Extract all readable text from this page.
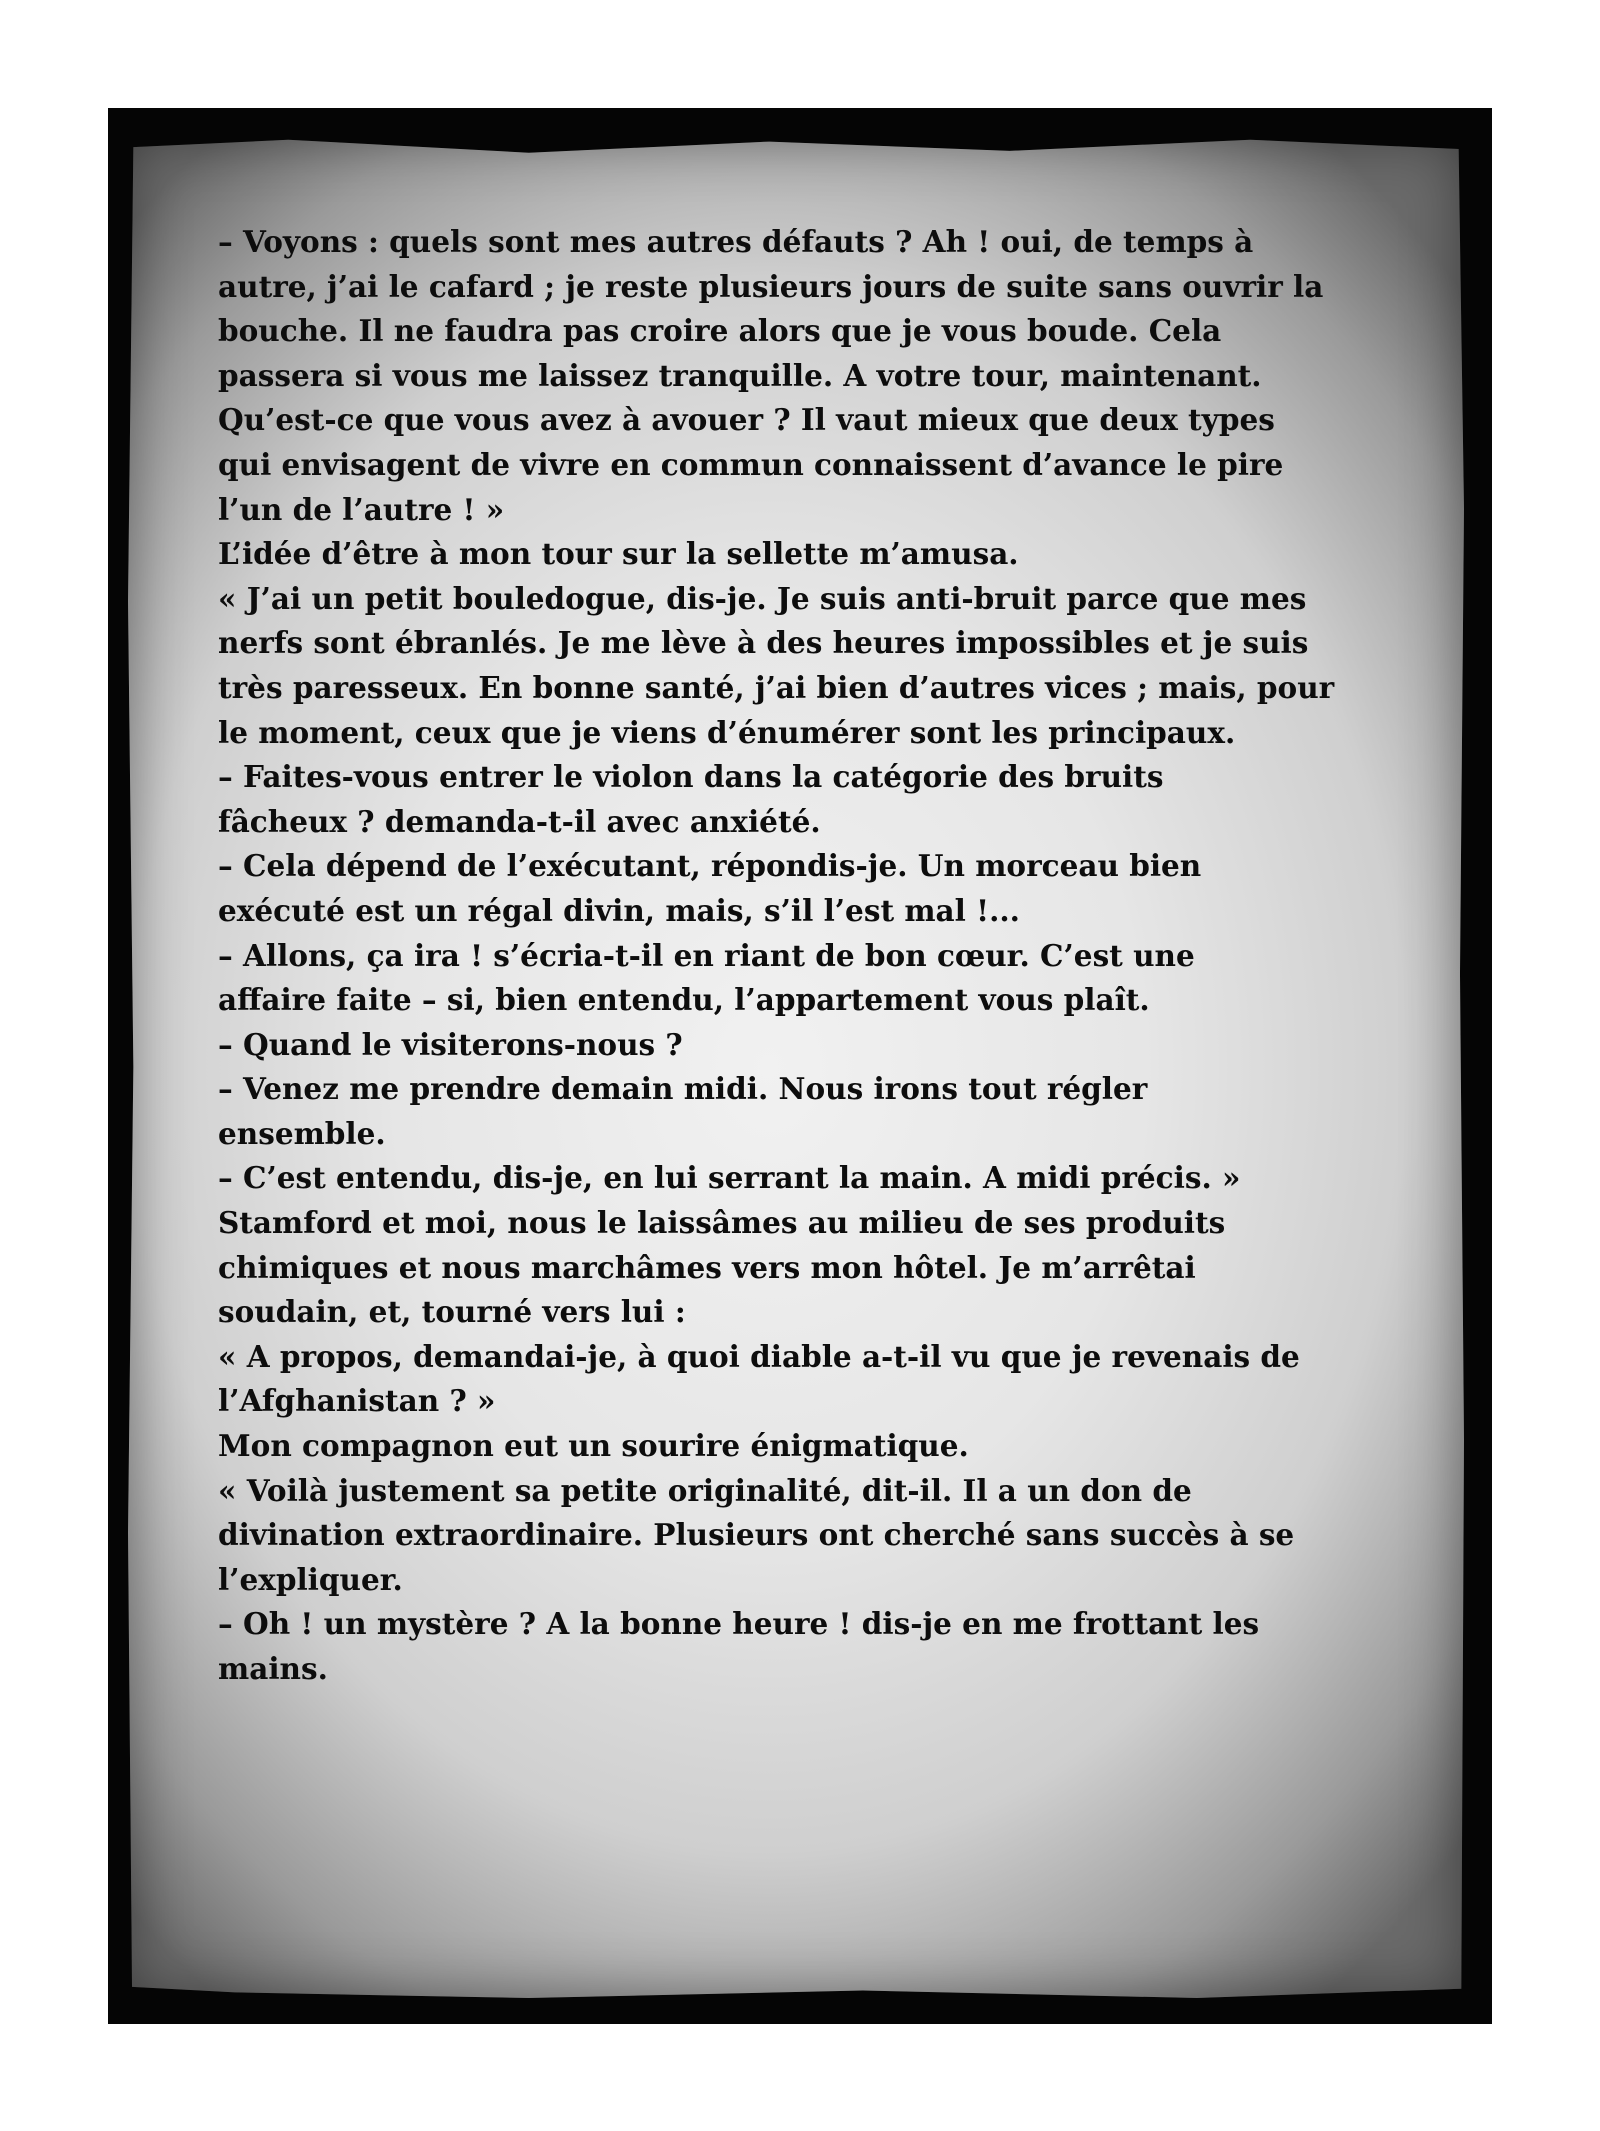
– Voyons : quels sont mes autres défauts ? Ah ! oui, de temps à
autre, j’ai le cafard ; je reste plusieurs jours de suite sans ouvrir la
bouche. Il ne faudra pas croire alors que je vous boude. Cela
passera si vous me laissez tranquille. A votre tour, maintenant.
Qu’est-ce que vous avez à avouer ? Il vaut mieux que deux types
qui envisagent de vivre en commun connaissent d’avance le pire
l’un de l’autre ! »
L’idée d’être à mon tour sur la sellette m’amusa.
« J’ai un petit bouledogue, dis-je. Je suis anti-bruit parce que mes
nerfs sont ébranlés. Je me lève à des heures impossibles et je suis
très paresseux. En bonne santé, j’ai bien d’autres vices ; mais, pour
le moment, ceux que je viens d’énumérer sont les principaux.
– Faites-vous entrer le violon dans la catégorie des bruits
fâcheux ? demanda-t-il avec anxiété.
– Cela dépend de l’exécutant, répondis-je. Un morceau bien
exécuté est un régal divin, mais, s’il l’est mal !...
– Allons, ça ira ! s’écria-t-il en riant de bon cœur. C’est une
affaire faite – si, bien entendu, l’appartement vous plaît.
– Quand le visiterons-nous ?
– Venez me prendre demain midi. Nous irons tout régler
ensemble.
– C’est entendu, dis-je, en lui serrant la main. A midi précis. »
Stamford et moi, nous le laissâmes au milieu de ses produits
chimiques et nous marchâmes vers mon hôtel. Je m’arrêtai
soudain, et, tourné vers lui :
« A propos, demandai-je, à quoi diable a-t-il vu que je revenais de
l’Afghanistan ? »
Mon compagnon eut un sourire énigmatique.
« Voilà justement sa petite originalité, dit-il. Il a un don de
divination extraordinaire. Plusieurs ont cherché sans succès à se
l’expliquer.
– Oh ! un mystère ? A la bonne heure ! dis-je en me frottant les
mains.
